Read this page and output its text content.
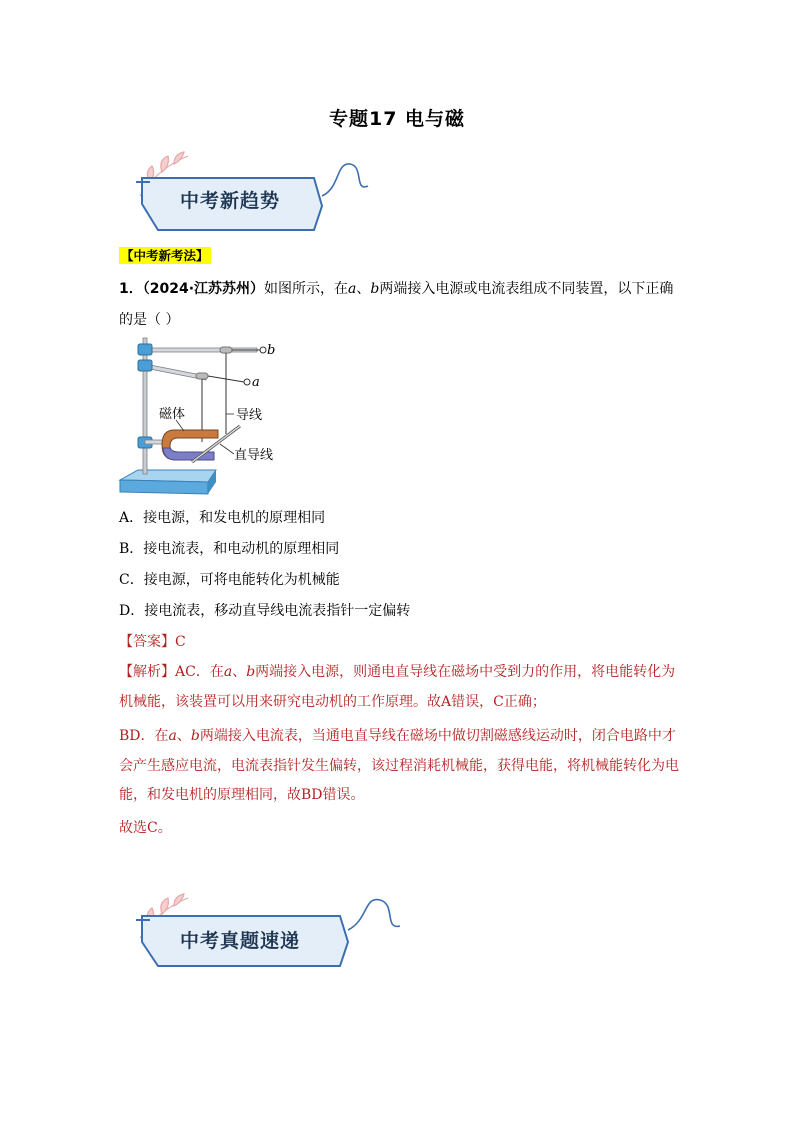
专题17 电与磁
中考新趋势
【中考新考法】
1．（2024·江苏苏州）如图所示，在a、b两端接入电源或电流表组成不同装置，以下正确的是（ ）
b
a
磁体	导线
直导线
A．接电源，和发电机的原理相同
B．接电流表，和电动机的原理相同
C．接电源，可将电能转化为机械能
D．接电流表，移动直导线电流表指针一定偏转
【答案】C
【解析】AC．在a、b两端接入电源，则通电直导线在磁场中受到力的作用，将电能转化为机械能，该装置可以用来研究电动机的工作原理。故A错误，C正确；
BD．在a、b两端接入电流表，当通电直导线在磁场中做切割磁感线运动时，闭合电路中才会产生感应电流，电流表指针发生偏转，该过程消耗机械能，获得电能，将机械能转化为电能，和发电机的原理相同，故BD错误。
故选C。
中考真题速递
